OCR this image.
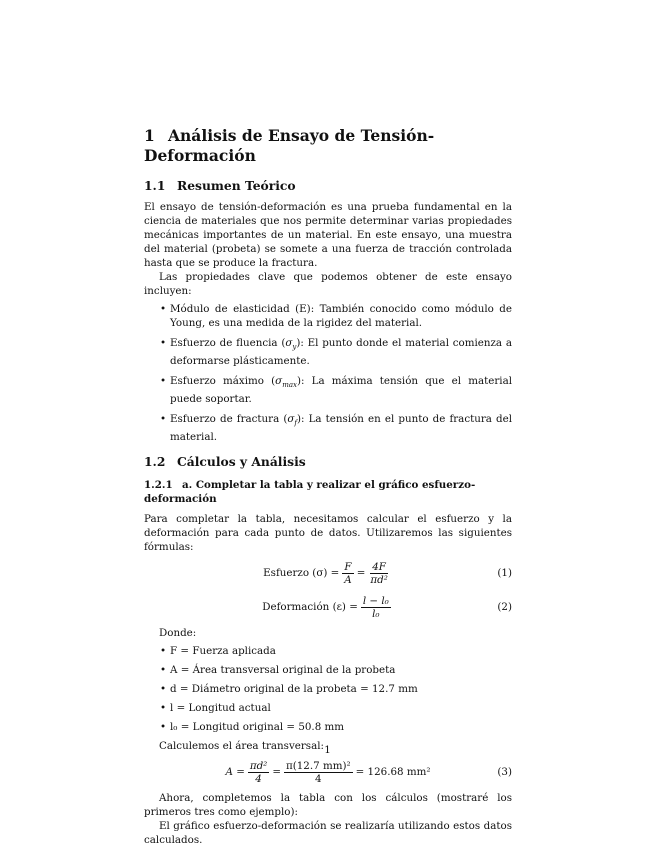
1 Análisis de Ensayo de Tensión-Deformación
1.1 Resumen Teórico

El ensayo de tensión-deformación es una prueba fundamental en la ciencia de materiales que nos permite determinar varias propiedades mecánicas importantes de un material. En este ensayo, una muestra del material (probeta) se somete a una fuerza de tracción controlada hasta que se produce la fractura.

Las propiedades clave que podemos obtener de este ensayo incluyen:

• Módulo de elasticidad (E): También conocido como módulo de Young, es una medida de la rigidez del material.
• Esfuerzo de fluencia $(\sigma_y)$: El punto donde el material comienza a deformarse plásticamente.
• Esfuerzo máximo $(\sigma_{max})$: La máxima tensión que el material puede soportar.
• Esfuerzo de fractura $(\sigma_f)$: La tensión en el punto de fractura del material.
1.2 Cálculos y Análisis
1.2.1 a. Completar la tabla y realizar el gráfico esfuerzo-deformación

Para completar la tabla, necesitamos calcular el esfuerzo y la deformación para cada punto de datos. Utilizaremos las siguientes fórmulas:

Esfuerzo $(\sigma) = \frac{F}{A} = \frac{4F}{\text{πd²}}$	(1)
Deformación $(\varepsilon) = \frac{\text{l − l₀}}{\text{l₀}}$	(2)

Donde:

• F = Fuerza aplicada
• A = Área transversal original de la probeta
• d = Diámetro original de la probeta = 12.7 mm
• l = Longitud actual
• l₀ = Longitud original = 50.8 mm

Calculemos el área transversal:

$A = \frac{\text{πd²}}{4} = \frac{\text{π(12.7 mm)²}}{4} = 126.68$ mm²	(3)

Ahora, completemos la tabla con los cálculos (mostraré los primeros tres como ejemplo):

El gráfico esfuerzo-deformación se realizaría utilizando estos datos calculados.

1
